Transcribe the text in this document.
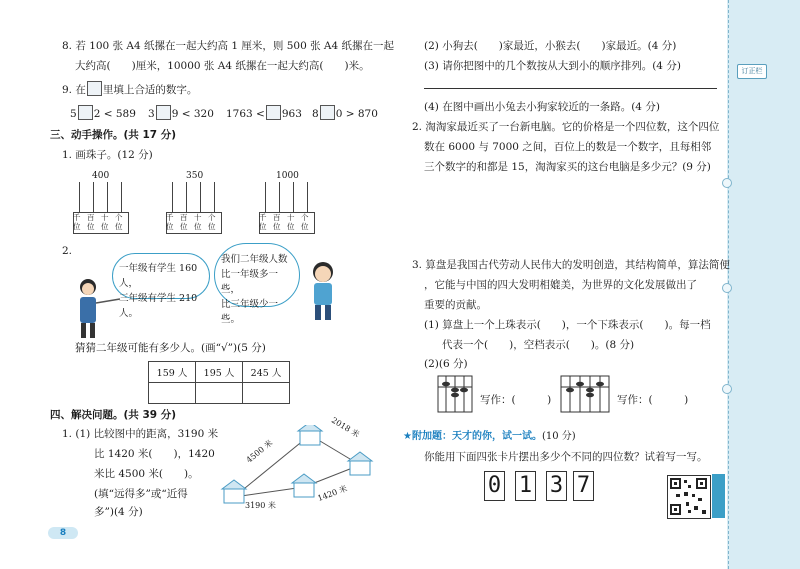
订正栏
8. 若 100 张 A4 纸摞在一起大约高 1 厘米，则 500 张 A4 纸摞在一起
大约高(　　)厘米，10000 张 A4 纸摞在一起大约高(　　)米。
9. 在 里填上合适的数字。
5 2 < 589 3 9 < 320 1763 < 963 8 0 > 870
三、动手操作。(共 17 分)
1. 画珠子。(12 分)
400	350	1000
千位
百位
十位
个位
千位
百位
十位
个位
千位
百位
十位
个位
2.
一年级有学生 160 人，
三年级有学生 210 人。
我们二年级人数
比一年级多一些，
比三年级少一些。
猜猜二年级可能有多少人。(画“√”)(5 分)
159 人	195 人	245 人

四、解决问题。(共 39 分)
1. (1) 比较图中的距离，3190 米
比 1420 米(　　)，1420
米比 4500 米(　　)。
(填“远得多”或“近得
多”)(4 分)
4500 米
2018 米
3190 米
1420 米
8
(2) 小狗去(　　)家最近，小猴去(　　)家最近。(4 分)
(3) 请你把图中的几个数按从大到小的顺序排列。(4 分)
(4) 在图中画出小兔去小狗家较近的一条路。(4 分)
2. 淘淘家最近买了一台新电脑。它的价格是一个四位数，这个四位
数在 6000 与 7000 之间，百位上的数是一个数字，且每相邻
三个数字的和都是 15，淘淘家买的这台电脑是多少元？(9 分)
3. 算盘是我国古代劳动人民伟大的发明创造，其结构简单，算法简便
，它能与中国的四大发明相媲美，为世界的文化发展做出了
重要的贡献。
(1) 算盘上一个上珠表示(　　)，一个下珠表示(　　)。每一档
代表一个(　　)，空档表示(　　)。(8 分)
(2)(6 分)
写作：(　　　)	写作：(　　　)
★附加题：天才的你，试一试。(10 分)
你能用下面四张卡片摆出多少个不同的四位数？试着写一写。
0 1 3 7
